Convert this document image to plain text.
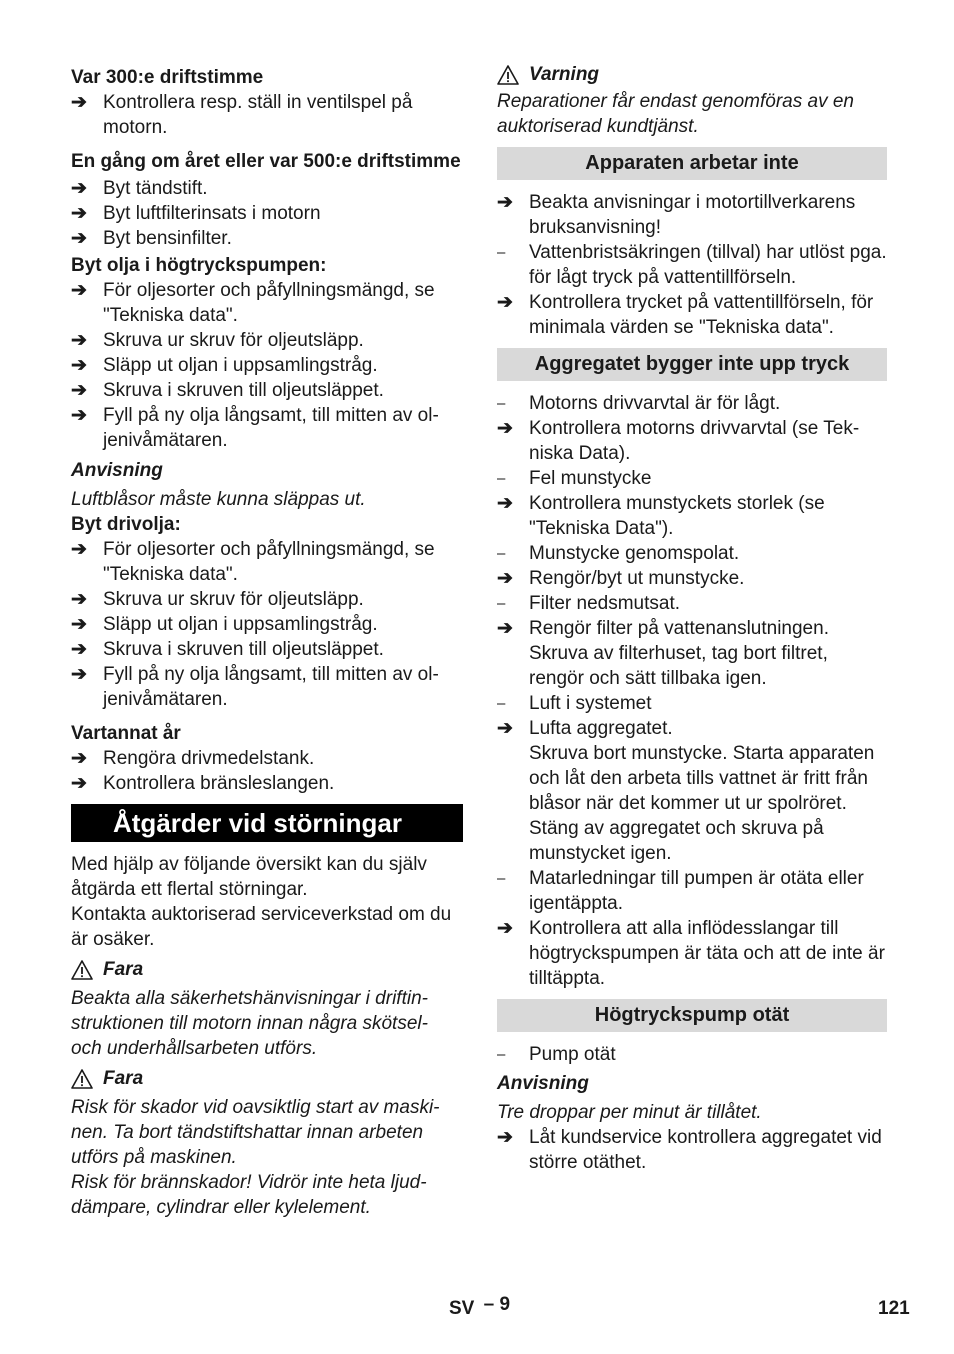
Var 300:e driftstimme

➔ Kontrollera resp. ställ in ventilspel på motorn.

En gång om året eller var 500:e driftstimme

➔ Byt tändstift.
➔ Byt luftfilterinsats i motorn
➔ Byt bensinfilter.

Byt olja i högtryckspumpen:

➔ För oljesorter och påfyllningsmängd, se "Tekniska data".
➔ Skruva ur skruv för oljeutsläpp.
➔ Släpp ut oljan i uppsamlingstråg.
➔ Skruva i skruven till oljeutsläppet.
➔ Fyll på ny olja långsamt, till mitten av oljenivåmätaren.

Anvisning

Luftblåsor måste kunna släppas ut.

Byt drivolja:

➔ För oljesorter och påfyllningsmängd, se "Tekniska data".
➔ Skruva ur skruv för oljeutsläpp.
➔ Släpp ut oljan i uppsamlingstråg.
➔ Skruva i skruven till oljeutsläppet.
➔ Fyll på ny olja långsamt, till mitten av oljenivåmätaren.

Vartannat år

➔ Rengöra drivmedelstank.
➔ Kontrollera bränsleslangen.
Åtgärder vid störningar

Med hjälp av följande översikt kan du själv åtgärda ett flertal störningar.

Kontakta auktoriserad serviceverkstad om du är osäker.

Fara

Beakta alla säkerhetshänvisningar i driftinstruktionen till motorn innan några skötsel- och underhållsarbeten utförs.

Fara

Risk för skador vid oavsiktlig start av maskinen. Ta bort tändstiftshattar innan arbeten utförs på maskinen.

Risk för brännskador! Vidrör inte heta ljuddämpare, cylindrar eller kylelement.

Varning

Reparationer får endast genomföras av en auktoriserad kundtjänst.

Apparaten arbetar inte
➔ Beakta anvisningar i motortillverkarens bruksanvisning!
–	Vattenbristsäkringen (tillval) har utlöst pga. för lågt tryck på vattentillförseln.
➔ Kontrollera trycket på vattentillförseln, för minimala värden se "Tekniska data".
Aggregatet bygger inte upp tryck
–	Motorns drivvarvtal är för lågt.
➔ Kontrollera motorns drivvarvtal (se Tekniska Data).
–	Fel munstycke
➔ Kontrollera munstyckets storlek (se "Tekniska Data").
–	Munstycke genomspolat.
➔ Rengör/byt ut munstycke.
–	Filter nedsmutsat.
➔ Rengör filter på vattenanslutningen.
Skruva av filterhuset, tag bort filtret, rengör och sätt tillbaka igen.
–	Luft i systemet
➔ Lufta aggregatet.
Skruva bort munstycke. Starta apparaten och låt den arbeta tills vattnet är fritt från blåsor när det kommer ut ur spolröret. Stäng av aggregatet och skruva på munstycket igen.
–	Matarledningar till pumpen är otäta eller igentäppta.
➔ Kontrollera att alla inflödesslangar till högtryckspumpen är täta och att de inte är tilltäppta.
Högtryckspump otät
–	Pump otät

Anvisning

Tre droppar per minut är tillåtet.

➔ Låt kundservice kontrollera aggregatet vid större otäthet.
SV – 9	121
